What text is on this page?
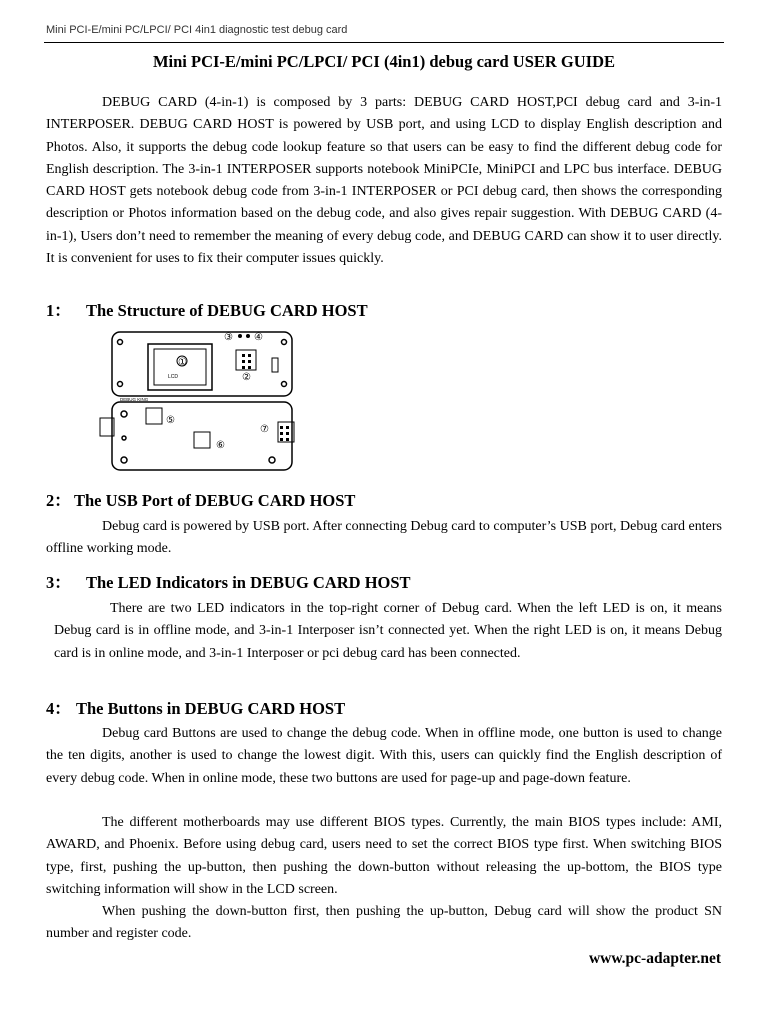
Mini PCI-E/mini PC/LPCI/ PCI 4in1 diagnostic test debug card
Mini PCI-E/mini PC/LPCI/ PCI (4in1) debug card USER GUIDE

DEBUG CARD (4-in-1) is composed by 3 parts: DEBUG CARD HOST,PCI debug card and 3-in-1 INTERPOSER. DEBUG CARD HOST is powered by USB port, and using LCD to display English description and Photos. Also, it supports the debug code lookup feature so that users can be easy to find the different debug code for English description. The 3-in-1 INTERPOSER supports notebook MiniPCIe, MiniPCI and LPC bus interface. DEBUG CARD HOST gets notebook debug code from 3-in-1 INTERPOSER or PCI debug card, then shows the corresponding description or Photos information based on the debug code, and also gives repair suggestion. With DEBUG CARD (4-in-1), Users don’t need to remember the meaning of every debug code, and DEBUG CARD can show it to user directly. It is convenient for uses to fix their computer issues quickly.

1： The Structure of DEBUG CARD HOST
①
LCD	②
③ ④
⑤
⑥
⑦
DEBUG KING
2： The USB Port of DEBUG CARD HOST

Debug card is powered by USB port. After connecting Debug card to computer’s USB port, Debug card enters offline working mode.

3： The LED Indicators in DEBUG CARD HOST

There are two LED indicators in the top-right corner of Debug card. When the left LED is on, it means Debug card is in offline mode, and 3-in-1 Interposer isn’t connected yet. When the right LED is on, it means Debug card is in online mode, and 3-in-1 Interposer or pci debug card has been connected.

4： The Buttons in DEBUG CARD HOST

Debug card Buttons are used to change the debug code. When in offline mode, one button is used to change the ten digits, another is used to change the lowest digit. With this, users can quickly find the English description of every debug code. When in online mode, these two buttons are used for page-up and page-down feature.

The different motherboards may use different BIOS types. Currently, the main BIOS types include: AMI, AWARD, and Phoenix. Before using debug card, users need to set the correct BIOS type first. When switching BIOS type, first, pushing the up-button, then pushing the down-button without releasing the up-bottom, the BIOS type switching information will show in the LCD screen.

When pushing the down-button first, then pushing the up-button, Debug card will show the product SN number and register code.

www.pc-adapter.net
